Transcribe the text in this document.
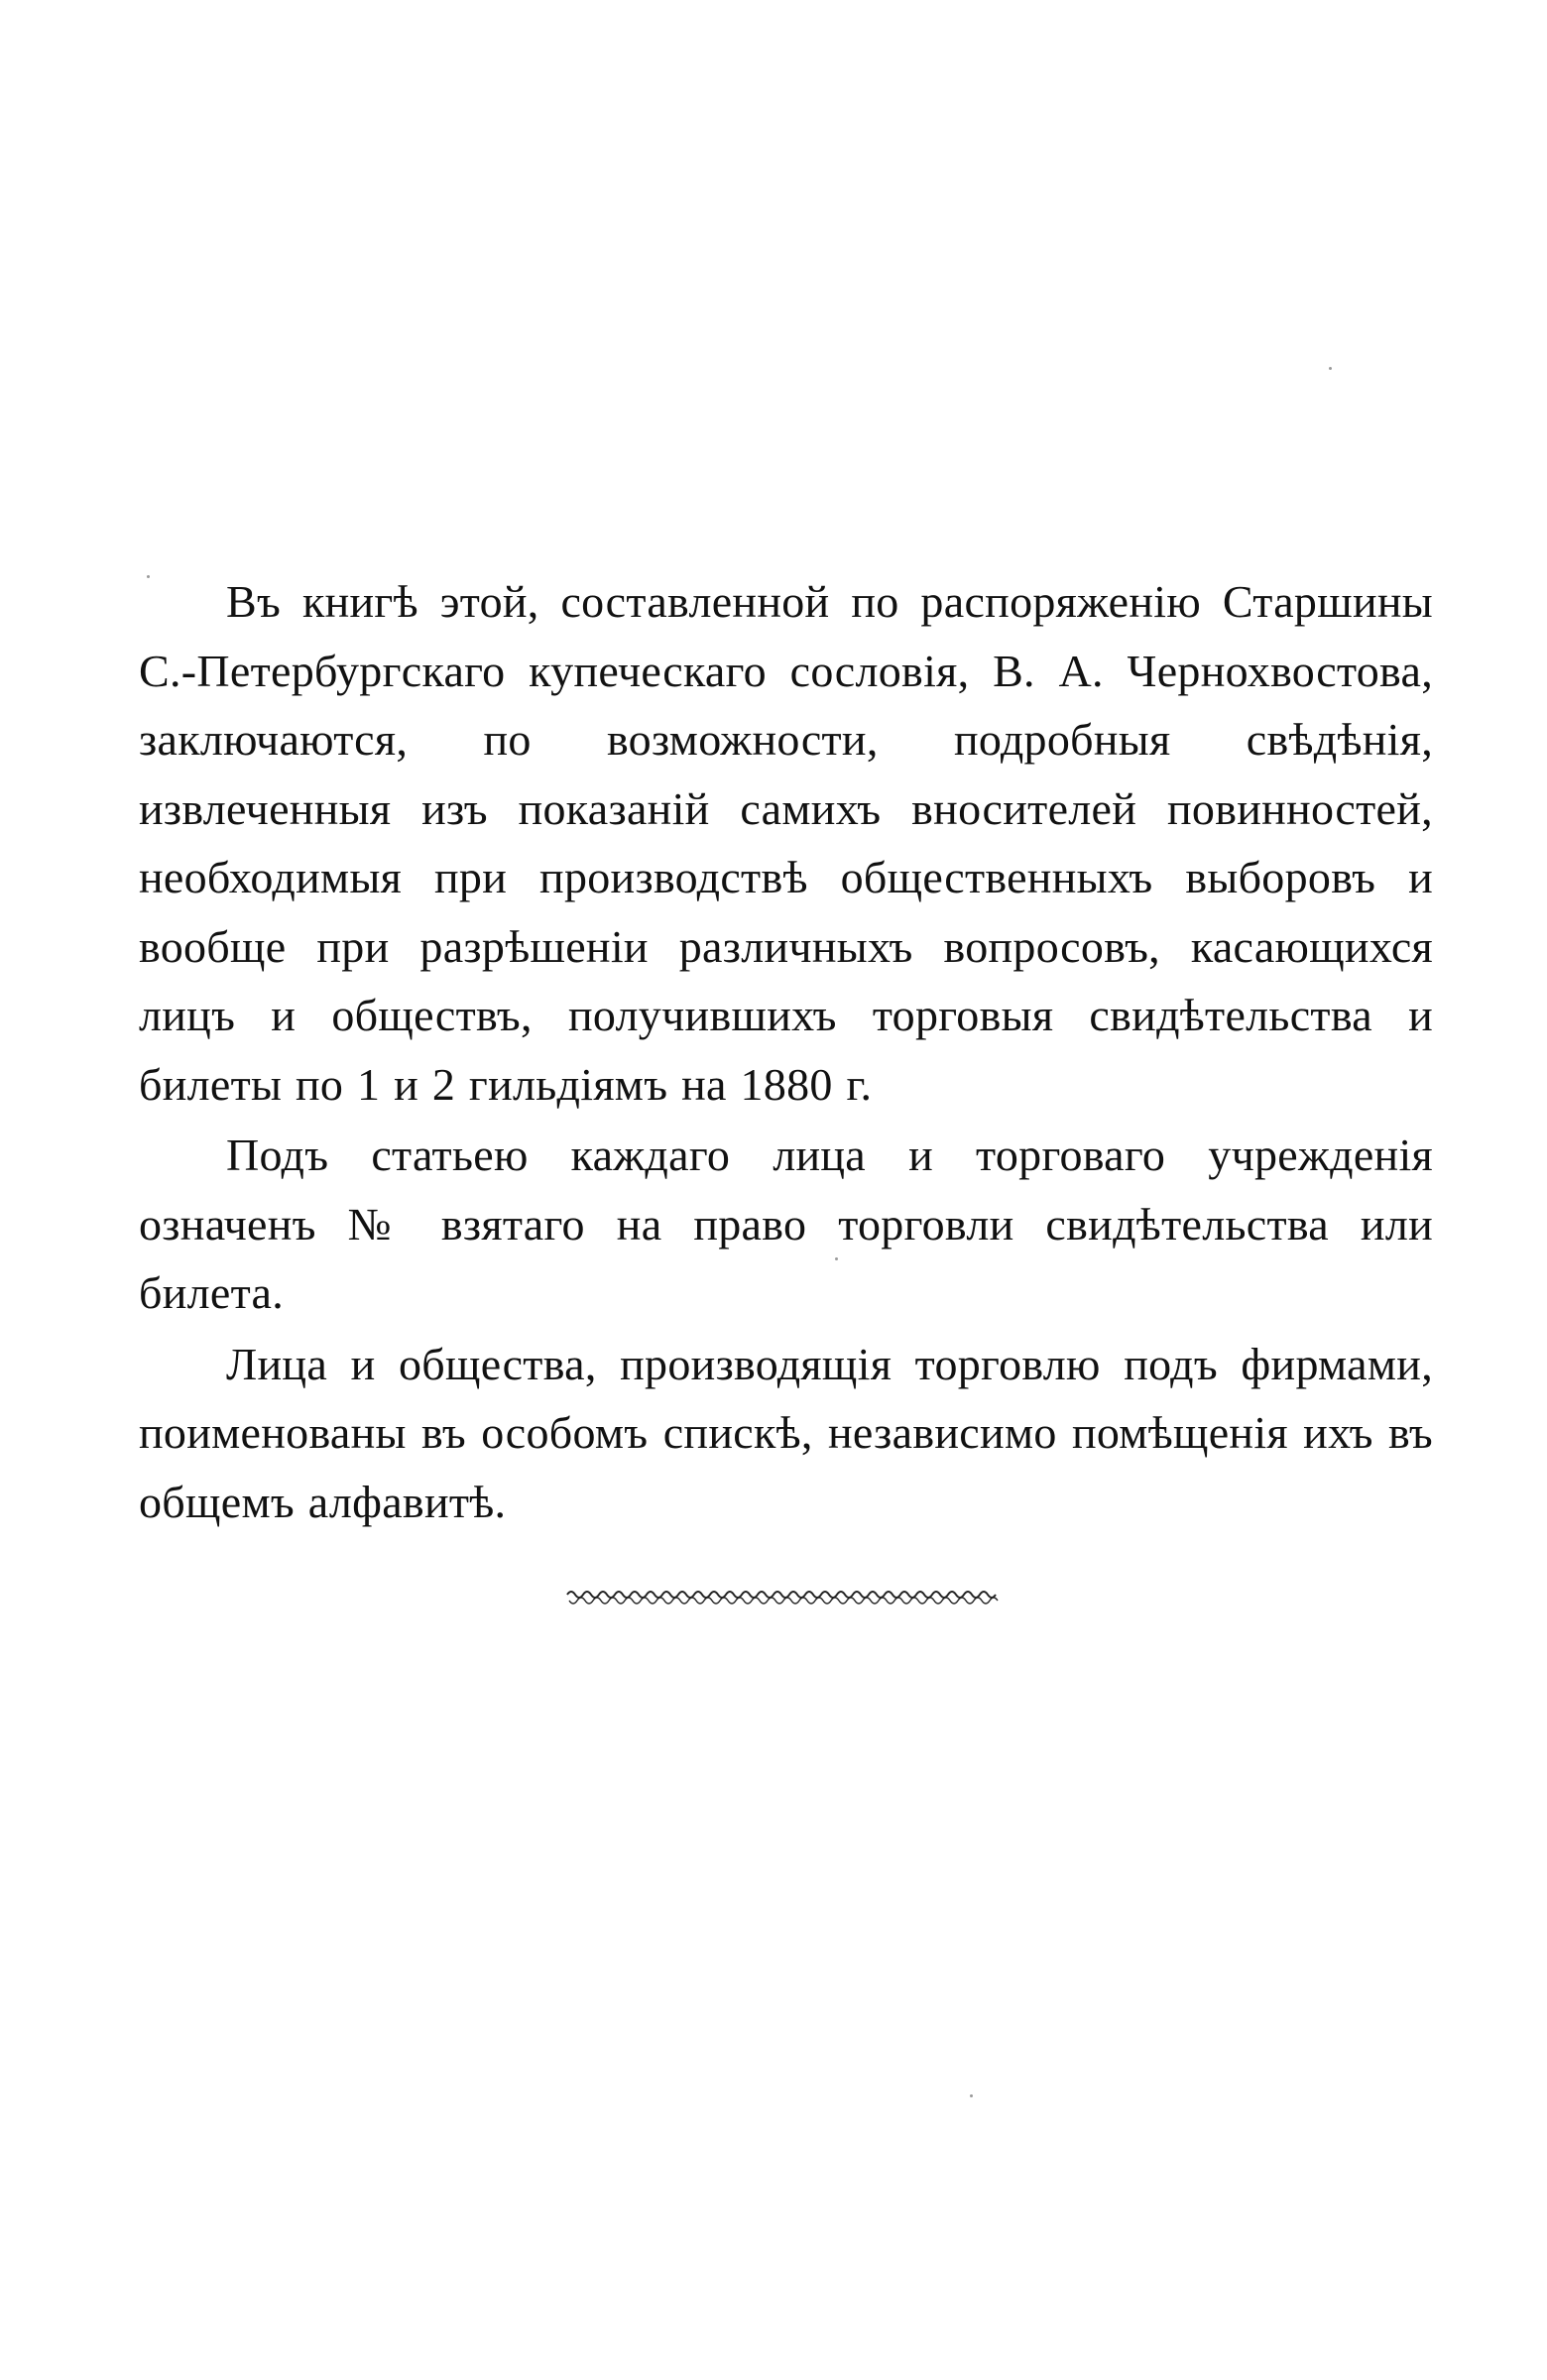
Въ книгѣ этой, составленной по распоряженію Старшины С.-Петербургскаго купеческаго сословія, В. А. Чернохвостова, заключаются, по возможности, подробныя свѣдѣнія, извлеченныя изъ показаній самихъ вносителей повинностей, необходимыя при производствѣ общественныхъ выборовъ и вообще при разрѣшеніи различныхъ вопросовъ, касающихся лицъ и обществъ, получившихъ торговыя свидѣтельства и билеты по 1 и 2 гильдіямъ на 1880 г.

Подъ статьею каждаго лица и торговаго учрежденія означенъ № взятаго на право торговли свидѣтельства или билета.

Лица и общества, производящія торговлю подъ фирмами, поименованы въ особомъ спискѣ, независимо помѣщенія ихъ въ общемъ алфавитѣ.
